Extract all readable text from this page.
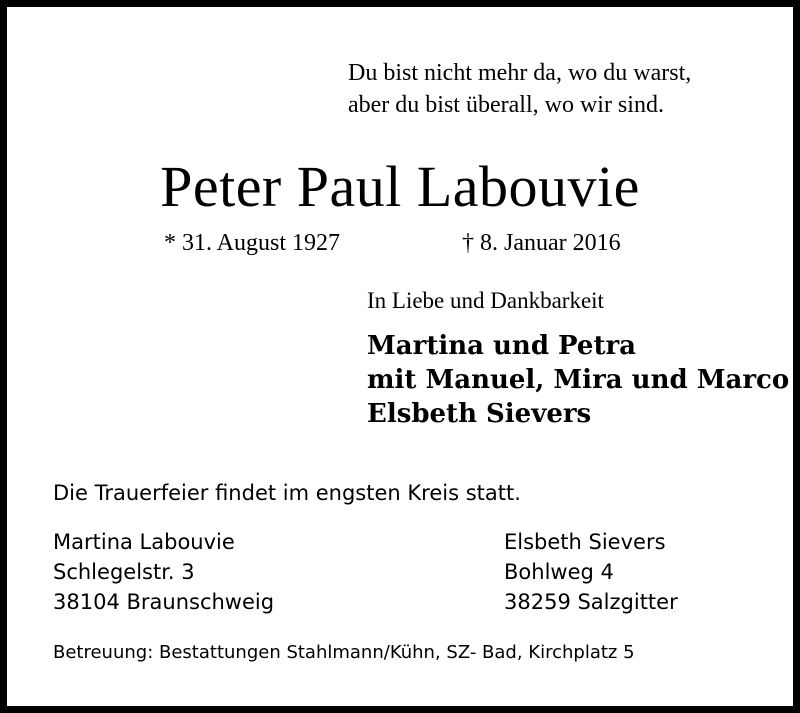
Du bist nicht mehr da, wo du warst,
aber du bist überall, wo wir sind.
Peter Paul Labouvie
* 31. August 1927	† 8. Januar 2016
In Liebe und Dankbarkeit
Martina und Petra
mit Manuel, Mira und Marco
Elsbeth Sievers
Die Trauerfeier findet im engsten Kreis statt.
Martina Labouvie
Schlegelstr. 3
38104 Braunschweig
Elsbeth Sievers
Bohlweg 4
38259 Salzgitter
Betreuung: Bestattungen Stahlmann/Kühn, SZ- Bad, Kirchplatz 5
